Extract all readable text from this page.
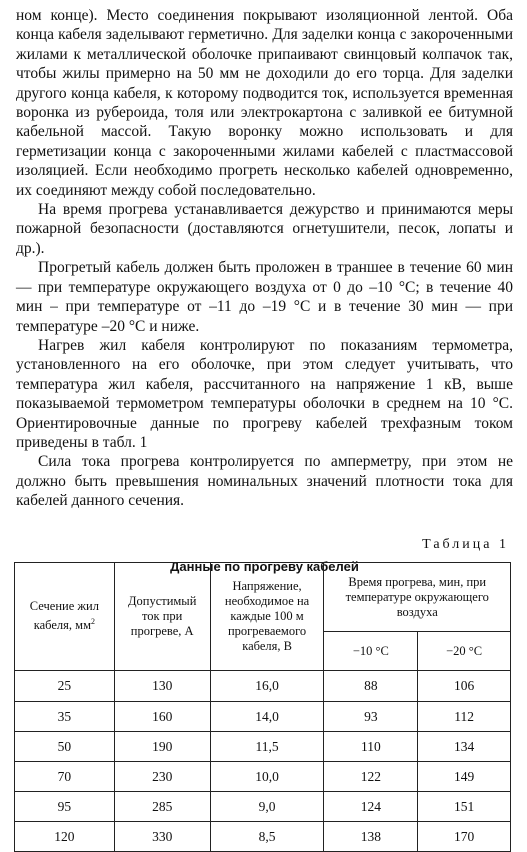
ном конце). Место соединения покрывают изоляционной лентой. Оба конца кабеля заделывают герметично. Для заделки конца с закороченными жилами к металлической оболочке припаивают свинцовый колпачок так, чтобы жилы примерно на 50 мм не доходили до его торца. Для заделки другого конца кабеля, к которому подводится ток, используется временная воронка из рубероида, толя или электрокартона с заливкой ее битумной кабельной массой. Такую воронку можно использовать и для герметизации конца с закороченными жилами кабелей с пластмассовой изоляцией. Если необходимо прогреть несколько кабелей одновременно, их соединяют между собой последовательно.

На время прогрева устанавливается дежурство и принимаются меры пожарной безопасности (доставляются огнетушители, песок, лопаты и др.).

Прогретый кабель должен быть проложен в траншее в течение 60 мин — при температуре окружающего воздуха от 0 до –10 °C; в течение 40 мин – при температуре от –11 до –19 °C и в течение 30 мин — при температуре –20 °C и ниже.

Нагрев жил кабеля контролируют по показаниям термометра, установленного на его оболочке, при этом следует учитывать, что температура жил кабеля, рассчитанного на напряжение 1 кВ, выше показываемой термометром температуры оболочки в среднем на 10 °C. Ориентировочные данные по прогреву кабелей трехфазным током приведены в табл. 1

Сила тока прогрева контролируется по амперметру, при этом не должно быть превышения номинальных значений плотности тока для кабелей данного сечения.

Таблица 1
Данные по прогреву кабелей
Сечение жил кабеля, $мм^2$	Допустимый ток при прогреве, А	Напряжение, необходимое на каждые 100 м прогреваемого кабеля, В	Время прогрева, мин, при температуре окружающего воздуха	
			−10 °С	−20 °С
25	130	16,0	88	106
35	160	14,0	93	112
50	190	11,5	110	134
70	230	10,0	122	149
95	285	9,0	124	151
120	330	8,5	138	170
